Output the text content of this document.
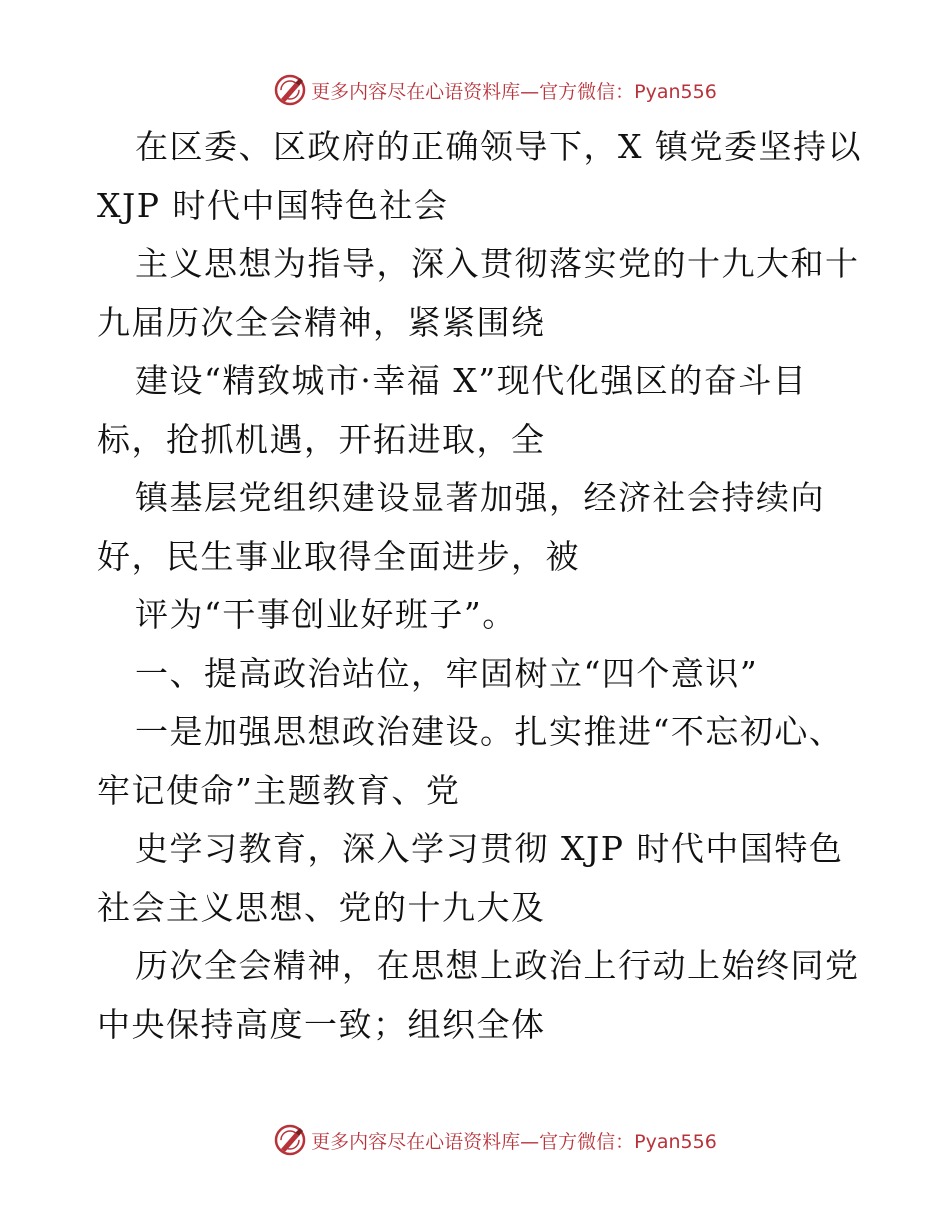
更多内容尽在心语资料库—官方微信：Pyan556
在区委、区政府的正确领导下，X 镇党委坚持以
XJP 时代中国特色社会
主义思想为指导，深入贯彻落实党的十九大和十
九届历次全会精神，紧紧围绕
建设“精致城市·幸福 X”现代化强区的奋斗目
标，抢抓机遇，开拓进取，全
镇基层党组织建设显著加强，经济社会持续向
好，民生事业取得全面进步，被
评为“干事创业好班子”。
一、提高政治站位，牢固树立“四个意识”
一是加强思想政治建设。扎实推进“不忘初心、
牢记使命”主题教育、党
史学习教育，深入学习贯彻 XJP 时代中国特色
社会主义思想、党的十九大及
历次全会精神，在思想上政治上行动上始终同党
中央保持高度一致；组织全体
更多内容尽在心语资料库—官方微信：Pyan556
